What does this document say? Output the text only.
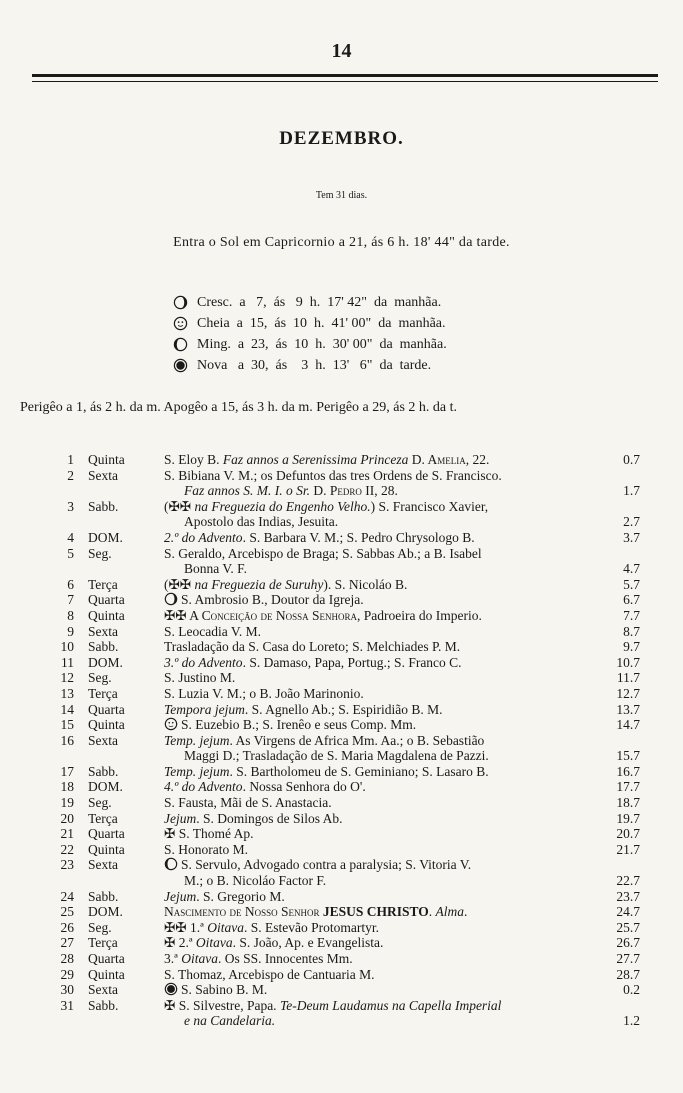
14
DEZEMBRO.
Tem 31 dias.
Entra o Sol em Capricornio a 21, ás 6 h. 18' 44" da tarde.
Cresc.  a   7,  ás   9  h.  17' 42"  da  manhãa.
Cheia  a  15,  ás  10  h.  41' 00"  da  manhãa.
Ming.  a  23,  ás  10  h.  30' 00"  da  manhãa.
Nova   a  30,  ás    3  h.  13'   6"  da  tarde.
Perigêo a 1, ás 2 h. da m. Apogêo a 15, ás 3 h. da m. Perigêo a 29, ás 2 h. da t.
1	Quinta	S. Eloy B. Faz annos a Serenissima Princeza D. Amelia, 22.	0.7
2	Sexta	S. Bibiana V. M.; os Defuntos das tres Ordens de S. Francisco.
Faz annos S. M. I. o Sr. D. Pedro II, 28.	1.7
3	Sabb.	(✠✠ na Freguezia do Engenho Velho.) S. Francisco Xavier,
Apostolo das Indias, Jesuita.	2.7
4	DOM.	2.º do Advento. S. Barbara V. M.; S. Pedro Chrysologo B.	3.7
5	Seg.	S. Geraldo, Arcebispo de Braga; S. Sabbas Ab.; a B. Isabel
Bonna V. F.	4.7
6	Terça	(✠✠ na Freguezia de Suruhy). S. Nicoláo B.	5.7
7	Quarta	S. Ambrosio B., Doutor da Igreja.	6.7
8	Quinta	✠✠ A Conceição de Nossa Senhora, Padroeira do Imperio.	7.7
9	Sexta	S. Leocadia V. M.	8.7
10	Sabb.	Trasladação da S. Casa do Loreto; S. Melchiades P. M.	9.7
11	DOM.	3.º do Advento. S. Damaso, Papa, Portug.; S. Franco C.	10.7
12	Seg.	S. Justino M.	11.7
13	Terça	S. Luzia V. M.; o B. João Marinonio.	12.7
14	Quarta	Tempora jejum. S. Agnello Ab.; S. Espiridião B. M.	13.7
15	Quinta	S. Euzebio B.; S. Irenêo e seus Comp. Mm.	14.7
16	Sexta	Temp. jejum. As Virgens de Africa Mm. Aa.; o B. Sebastião
Maggi D.; Trasladação de S. Maria Magdalena de Pazzi.	15.7
17	Sabb.	Temp. jejum. S. Bartholomeu de S. Geminiano; S. Lasaro B.	16.7
18	DOM.	4.º do Advento. Nossa Senhora do O'.	17.7
19	Seg.	S. Fausta, Mãi de S. Anastacia.	18.7
20	Terça	Jejum. S. Domingos de Silos Ab.	19.7
21	Quarta	✠ S. Thomé Ap.	20.7
22	Quinta	S. Honorato M.	21.7
23	Sexta	S. Servulo, Advogado contra a paralysia; S. Vitoria V.
M.; o B. Nicoláo Factor F.	22.7
24	Sabb.	Jejum. S. Gregorio M.	23.7
25	DOM.	Nascimento de Nosso Senhor JESUS CHRISTO. Alma.	24.7
26	Seg.	✠✠ 1.ª Oitava. S. Estevão Protomartyr.	25.7
27	Terça	✠ 2.ª Oitava. S. João, Ap. e Evangelista.	26.7
28	Quarta	3.ª Oitava. Os SS. Innocentes Mm.	27.7
29	Quinta	S. Thomaz, Arcebispo de Cantuaria M.	28.7
30	Sexta	S. Sabino B. M.	0.2
31	Sabb.	✠ S. Silvestre, Papa. Te-Deum Laudamus na Capella Imperial
e na Candelaria.	1.2
